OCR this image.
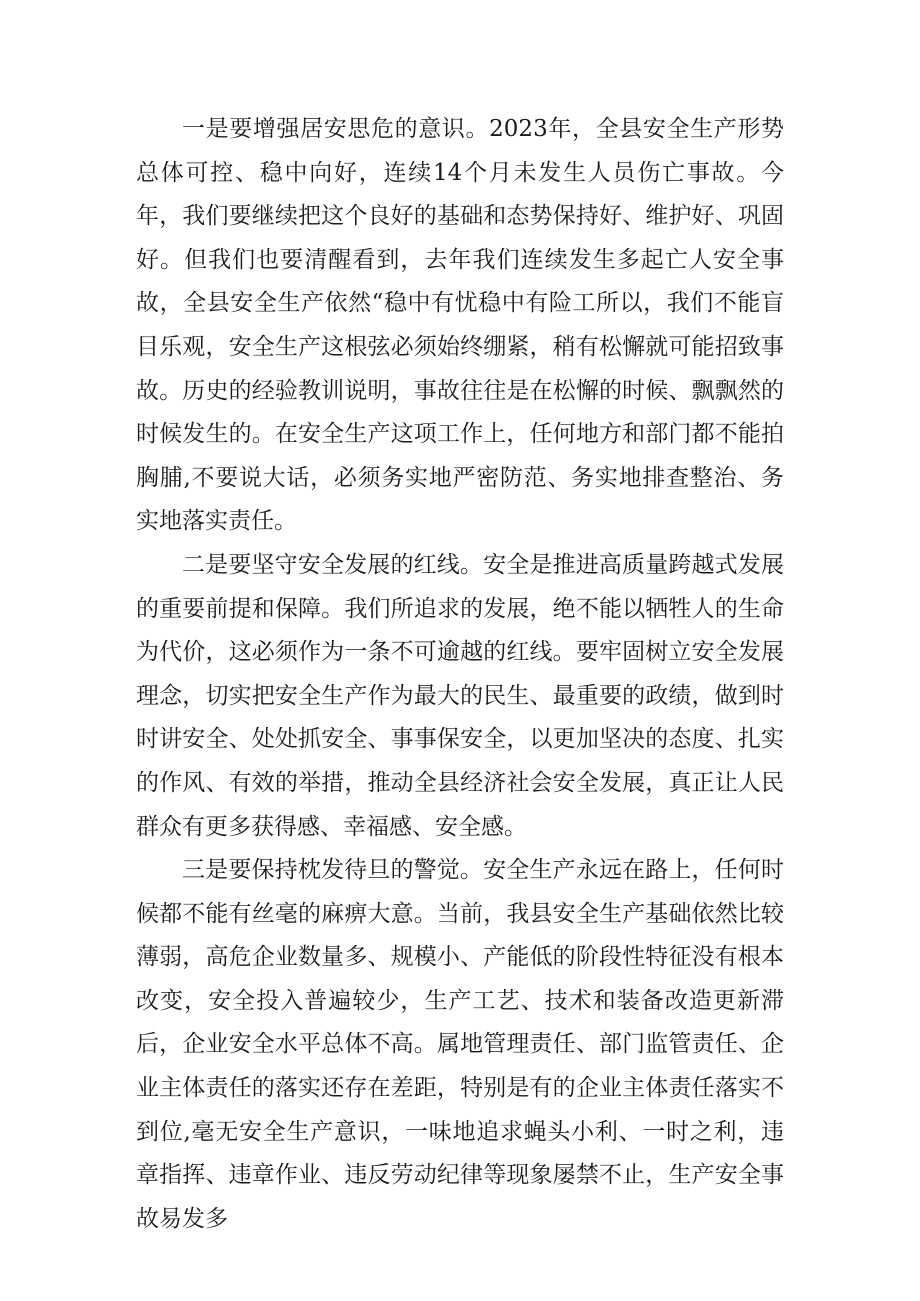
一是要增强居安思危的意识。2023年，全县安全生产形势总体可控、稳中向好，连续14个月未发生人员伤亡事故。今年，我们要继续把这个良好的基础和态势保持好、维护好、巩固好。但我们也要清醒看到，去年我们连续发生多起亡人安全事故，全县安全生产依然“稳中有忧稳中有险工所以，我们不能盲目乐观，安全生产这根弦必须始终绷紧，稍有松懈就可能招致事故。历史的经验教训说明，事故往往是在松懈的时候、飘飘然的时候发生的。在安全生产这项工作上，任何地方和部门都不能拍胸脯,不要说大话，必须务实地严密防范、务实地排查整治、务实地落实责任。

二是要坚守安全发展的红线。安全是推进高质量跨越式发展的重要前提和保障。我们所追求的发展，绝不能以牺牲人的生命为代价，这必须作为一条不可逾越的红线。要牢固树立安全发展理念，切实把安全生产作为最大的民生、最重要的政绩，做到时时讲安全、处处抓安全、事事保安全，以更加坚决的态度、扎实的作风、有效的举措，推动全县经济社会安全发展，真正让人民群众有更多获得感、幸福感、安全感。

三是要保持枕发待旦的警觉。安全生产永远在路上，任何时候都不能有丝毫的麻痹大意。当前，我县安全生产基础依然比较薄弱，高危企业数量多、规模小、产能低的阶段性特征没有根本改变，安全投入普遍较少，生产工艺、技术和装备改造更新滞后，企业安全水平总体不高。属地管理责任、部门监管责任、企业主体责任的落实还存在差距，特别是有的企业主体责任落实不到位,毫无安全生产意识，一味地追求蝇头小利、一时之利，违章指挥、违章作业、违反劳动纪律等现象屡禁不止，生产安全事故易发多
